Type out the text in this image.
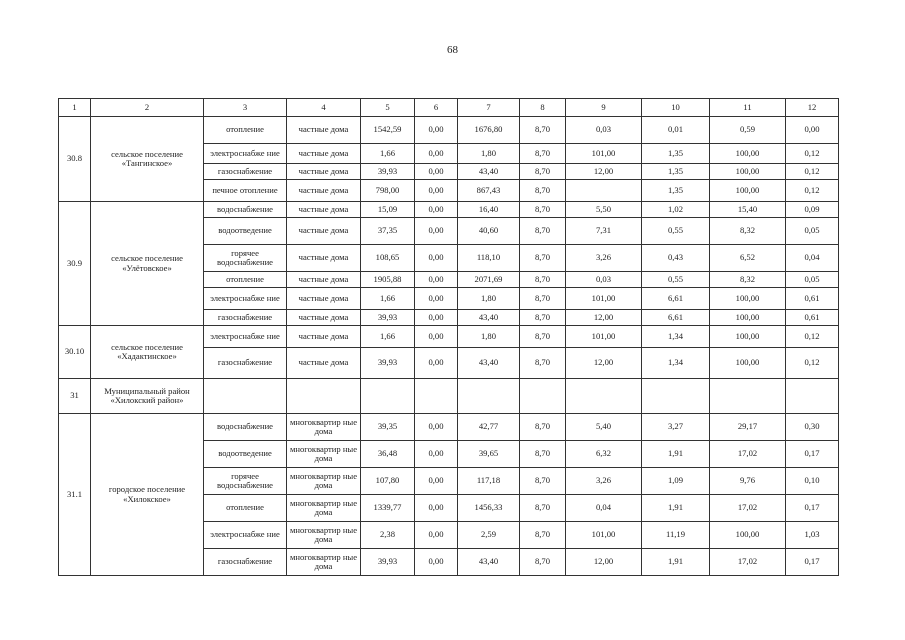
68
1	2	3	4	5	6	7	8	9	10	11	12
30.8	сельское поселение «Тангинское»	отопление	частные дома	1542,59	0,00	1676,80	8,70	0,03	0,01	0,59	0,00
		электроснабже ние	частные дома	1,66	0,00	1,80	8,70	101,00	1,35	100,00	0,12
		газоснабжение	частные дома	39,93	0,00	43,40	8,70	12,00	1,35	100,00	0,12
		печное отопление	частные дома	798,00	0,00	867,43	8,70		1,35	100,00	0,12
30.9	сельское поселение «Улётовское»	водоснабжение	частные дома	15,09	0,00	16,40	8,70	5,50	1,02	15,40	0,09
		водоотведение	частные дома	37,35	0,00	40,60	8,70	7,31	0,55	8,32	0,05
		горячее водоснабжение	частные дома	108,65	0,00	118,10	8,70	3,26	0,43	6,52	0,04
		отопление	частные дома	1905,88	0,00	2071,69	8,70	0,03	0,55	8,32	0,05
		электроснабже ние	частные дома	1,66	0,00	1,80	8,70	101,00	6,61	100,00	0,61
		газоснабжение	частные дома	39,93	0,00	43,40	8,70	12,00	6,61	100,00	0,61
30.10	сельское поселение «Хадактинское»	электроснабже ние	частные дома	1,66	0,00	1,80	8,70	101,00	1,34	100,00	0,12
		газоснабжение	частные дома	39,93	0,00	43,40	8,70	12,00	1,34	100,00	0,12
31	Муниципальный район «Хилокский район»										
31.1	городское поселение «Хилокское»	водоснабжение	многоквартир ные дома	39,35	0,00	42,77	8,70	5,40	3,27	29,17	0,30
		водоотведение	многоквартир ные дома	36,48	0,00	39,65	8,70	6,32	1,91	17,02	0,17
		горячее водоснабжение	многоквартир ные дома	107,80	0,00	117,18	8,70	3,26	1,09	9,76	0,10
		отопление	многоквартир ные дома	1339,77	0,00	1456,33	8,70	0,04	1,91	17,02	0,17
		электроснабже ние	многоквартир ные дома	2,38	0,00	2,59	8,70	101,00	11,19	100,00	1,03
		газоснабжение	многоквартир ные дома	39,93	0,00	43,40	8,70	12,00	1,91	17,02	0,17
